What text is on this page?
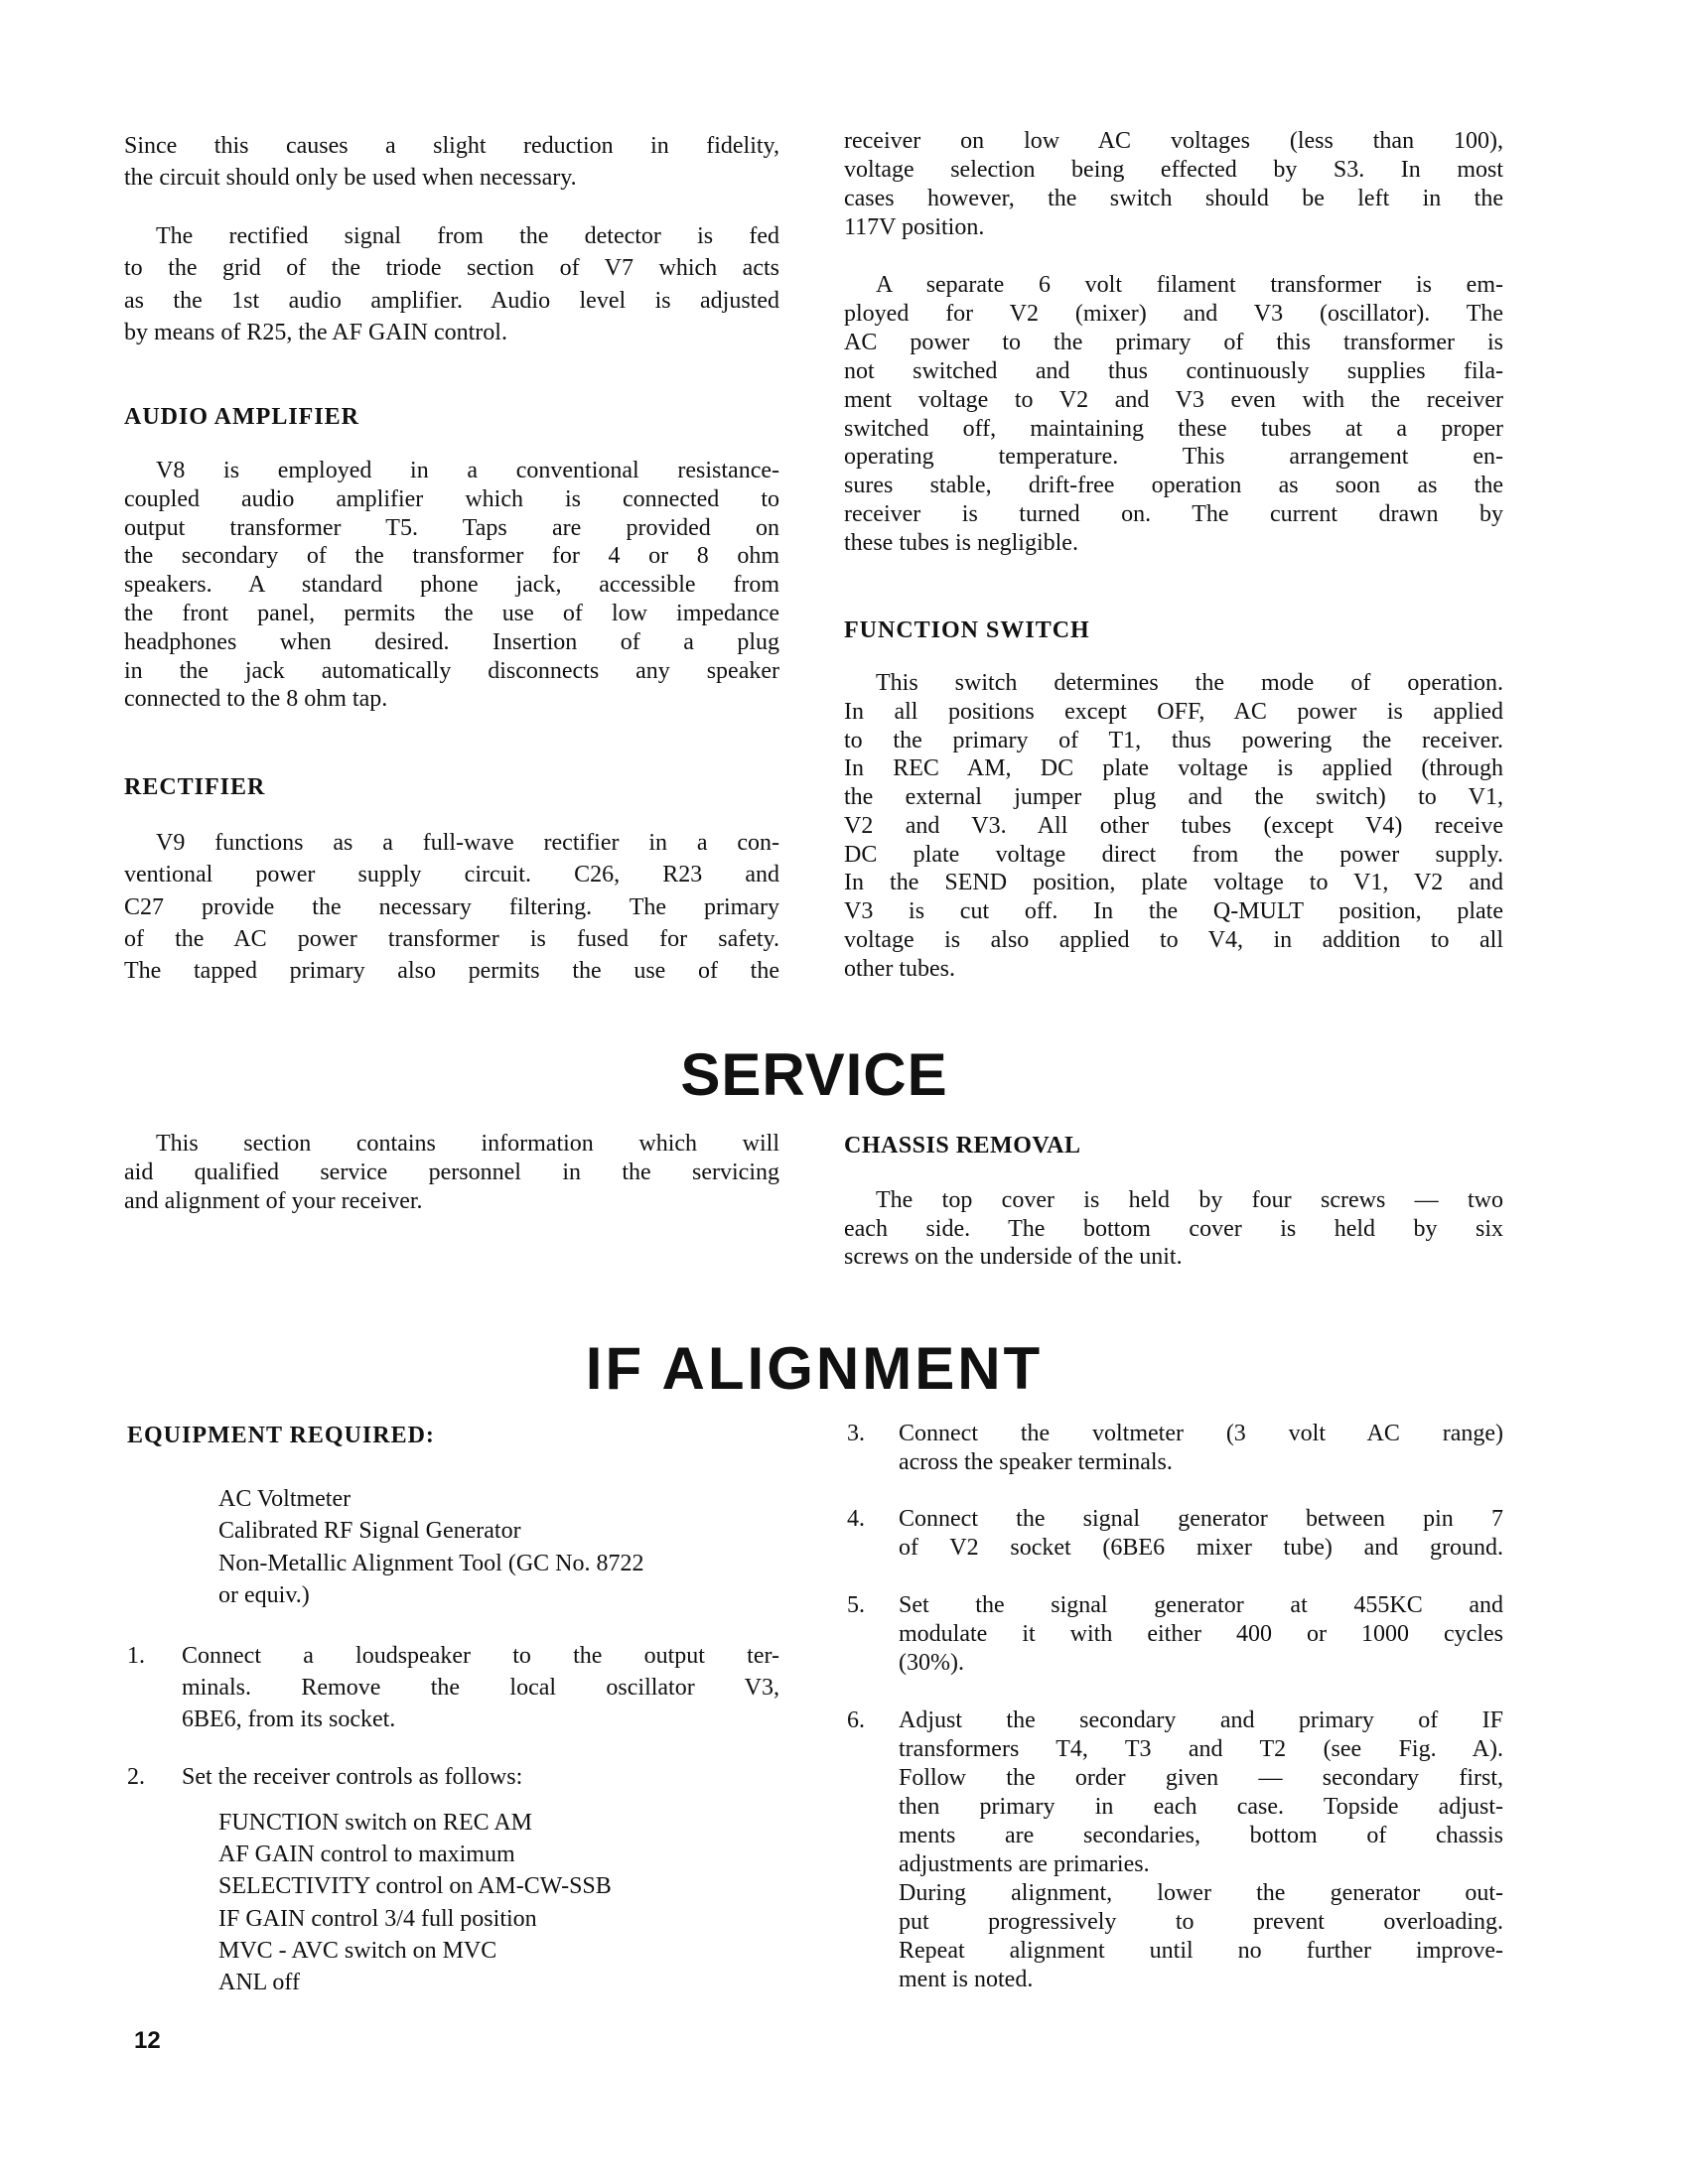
Since this causes a slight reduction in fidelity,
the circuit should only be used when necessary.
The rectified signal from the detector is fed
to the grid of the triode section of V7 which acts
as the 1st audio amplifier. Audio level is adjusted
by means of R25, the AF GAIN control.
AUDIO AMPLIFIER
V8 is employed in a conventional resistance-
coupled audio amplifier which is connected to
output transformer T5. Taps are provided on
the secondary of the transformer for 4 or 8 ohm
speakers. A standard phone jack, accessible from
the front panel, permits the use of low impedance
headphones when desired. Insertion of a plug
in the jack automatically disconnects any speaker
connected to the 8 ohm tap.
RECTIFIER
V9 functions as a full-wave rectifier in a con-
ventional power supply circuit. C26, R23 and
C27 provide the necessary filtering. The primary
of the AC power transformer is fused for safety.
The tapped primary also permits the use of the
receiver on low AC voltages (less than 100),
voltage selection being effected by S3. In most
cases however, the switch should be left in the
117V position.
A separate 6 volt filament transformer is em-
ployed for V2 (mixer) and V3 (oscillator). The
AC power to the primary of this transformer is
not switched and thus continuously supplies fila-
ment voltage to V2 and V3 even with the receiver
switched off, maintaining these tubes at a proper
operating temperature. This arrangement en-
sures stable, drift-free operation as soon as the
receiver is turned on. The current drawn by
these tubes is negligible.
FUNCTION SWITCH
This switch determines the mode of operation.
In all positions except OFF, AC power is applied
to the primary of T1, thus powering the receiver.
In REC AM, DC plate voltage is applied (through
the external jumper plug and the switch) to V1,
V2 and V3. All other tubes (except V4) receive
DC plate voltage direct from the power supply.
In the SEND position, plate voltage to V1, V2 and
V3 is cut off. In the Q-MULT position, plate
voltage is also applied to V4, in addition to all
other tubes.
SERVICE
This section contains information which will
aid qualified service personnel in the servicing
and alignment of your receiver.
CHASSIS REMOVAL
The top cover is held by four screws — two
each side. The bottom cover is held by six
screws on the underside of the unit.
IF ALIGNMENT
EQUIPMENT REQUIRED:
AC Voltmeter
Calibrated RF Signal Generator
Non-Metallic Alignment Tool (GC No. 8722
or equiv.)
1. Connect a loudspeaker to the output ter-
minals. Remove the local oscillator V3,
6BE6, from its socket.
2. Set the receiver controls as follows:
FUNCTION switch on REC AM
AF GAIN control to maximum
SELECTIVITY control on AM-CW-SSB
IF GAIN control 3/4 full position
MVC - AVC switch on MVC
ANL off
3. Connect the voltmeter (3 volt AC range)
across the speaker terminals.
4. Connect the signal generator between pin 7
of V2 socket (6BE6 mixer tube) and ground.
5. Set the signal generator at 455KC and
modulate it with either 400 or 1000 cycles
(30%).
6. Adjust the secondary and primary of IF
transformers T4, T3 and T2 (see Fig. A).
Follow the order given — secondary first,
then primary in each case. Topside adjust-
ments are secondaries, bottom of chassis
adjustments are primaries.
During alignment, lower the generator out-
put progressively to prevent overloading.
Repeat alignment until no further improve-
ment is noted.
12
